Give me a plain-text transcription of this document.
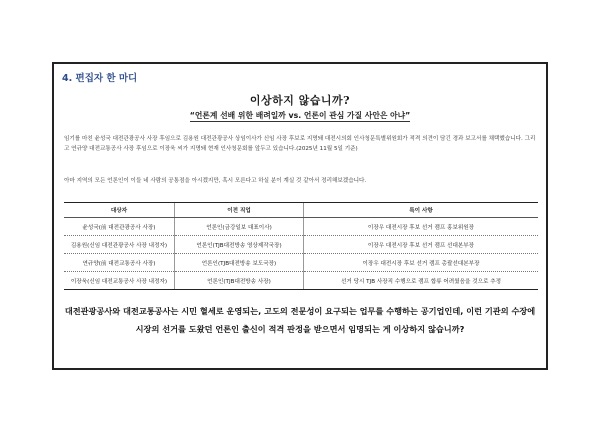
4. 편집자 한 마디
이상하지 않습니까?

“언론계 선배 위한 배려일까 vs. 언론이 관심 가질 사안은 아냐”

임기를 마친 윤성국 대전관광공사 사장 후임으로 김용원 대전관광공사 상임이사가 신임 사장 후보로 지명돼 대전시의회 인사청문특별위원회가 적격 의견이 담긴 경과 보고서를 채택했습니다. 그리고 연규양 대전교통공사 사장 후임으로 이장욱 씨가 지명돼 현재 인사청문회를 앞두고 있습니다.(2025년 11월 5일 기준)

아마 지역의 모든 언론인이 이들 네 사람의 공통점을 아시겠지만, 혹시 모른다고 하실 분이 계실 것 같아서 정리해보겠습니다.

대상자	이전 직업	특이 사항
윤성국(前 대전관광공사 사장)	언론인(금강일보 대표이사)	이장우 대전시장 후보 선거 캠프 홍보위원장
김용원(신임 대전관광공사 사장 내정자)	언론인(TJB대전방송 영상제작국장)	이장우 대전시장 후보 선거 캠프 선대본부장
연규양(前 대전교통공사 사장)	언론인(TJB대전방송 보도국장)	이장우 대전시장 후보 선거 캠프 총괄선대본부장
이장욱(신임 대전교통공사 사장 내정자)	언론인(TJB대전방송 사장)	선거 당시 TJB 사장직 수행으로 캠프 합류 어려웠음을 것으로 추정

대전관광공사와 대전교통공사는 시민 혈세로 운영되는, 고도의 전문성이 요구되는 업무를 수행하는 공기업인데, 이런 기관의 수장에 시장의 선거를 도왔던 언론인 출신이 적격 판정을 받으면서 임명되는 게 이상하지 않습니까?
